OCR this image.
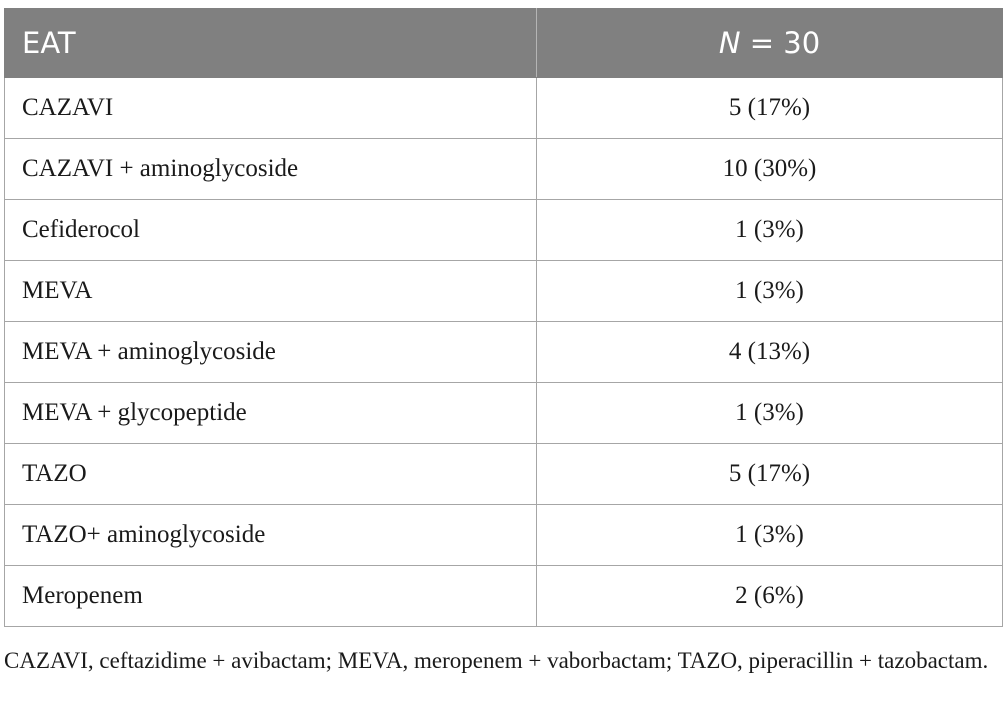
EAT	N = 30
CAZAVI	5 (17%)
CAZAVI + aminoglycoside	10 (30%)
Cefiderocol	1 (3%)
MEVA	1 (3%)
MEVA + aminoglycoside	4 (13%)
MEVA + glycopeptide	1 (3%)
TAZO	5 (17%)
TAZO+ aminoglycoside	1 (3%)
Meropenem	2 (6%)
CAZAVI, ceftazidime + avibactam; MEVA, meropenem + vaborbactam; TAZO, piperacillin + tazobactam.
